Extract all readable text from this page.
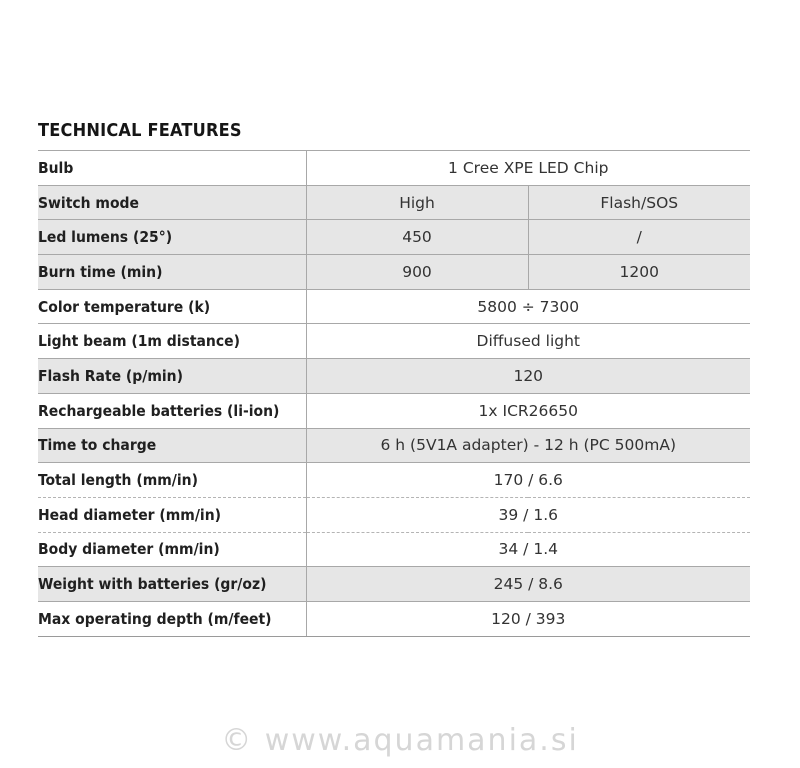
TECHNICAL FEATURES
Bulb	1 Cree XPE LED Chip	
Switch mode	High	Flash/SOS
Led lumens (25°)	450	/
Burn time (min)	900	1200
Color temperature (k)	5800 ÷ 7300	
Light beam (1m distance)	Diffused light	
Flash Rate (p/min)	120	
Rechargeable batteries (li-ion)	1x ICR26650	
Time to charge	6 h (5V1A adapter) - 12 h (PC 500mA)	
Total length (mm/in)	170 / 6.6	
Head diameter (mm/in)	39 / 1.6	
Body diameter (mm/in)	34 / 1.4	
Weight with batteries (gr/oz)	245 / 8.6	
Max operating depth (m/feet)	120 / 393	
© www.aquamania.si
